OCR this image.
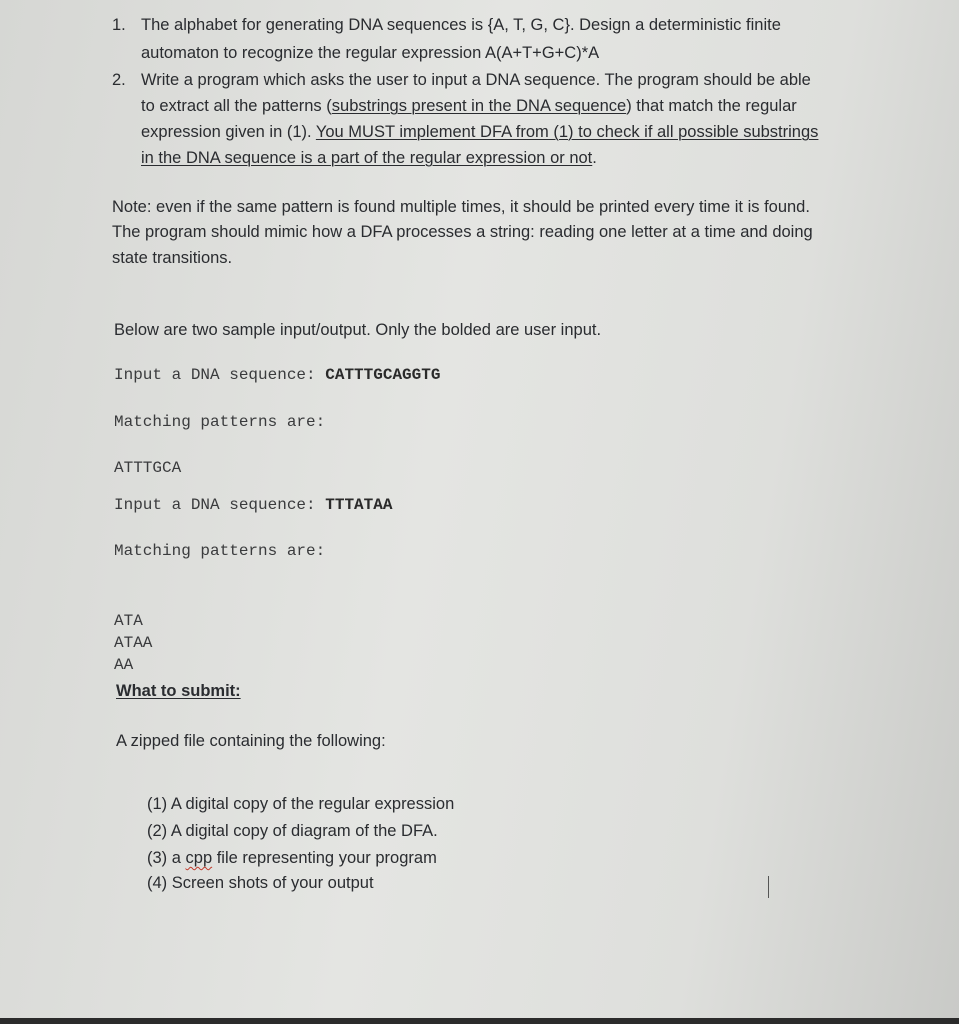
1. The alphabet for generating DNA sequences is {A, T, G, C}. Design a deterministic finite
automaton to recognize the regular expression A(A+T+G+C)*A
2. Write a program which asks the user to input a DNA sequence. The program should be able
to extract all the patterns (substrings present in the DNA sequence) that match the regular
expression given in (1). You MUST implement DFA from (1) to check if all possible substrings
in the DNA sequence is a part of the regular expression or not.
Note: even if the same pattern is found multiple times, it should be printed every time it is found.
The program should mimic how a DFA processes a string: reading one letter at a time and doing
state transitions.
Below are two sample input/output. Only the bolded are user input.
Input a DNA sequence: CATTTGCAGGTG
Matching patterns are:
ATTTGCA
Input a DNA sequence: TTTATAA
Matching patterns are:
ATA
ATAA
AA
What to submit:
A zipped file containing the following:
(1) A digital copy of the regular expression
(2) A digital copy of diagram of the DFA.
(3) a cpp file representing your program
(4) Screen shots of your output
